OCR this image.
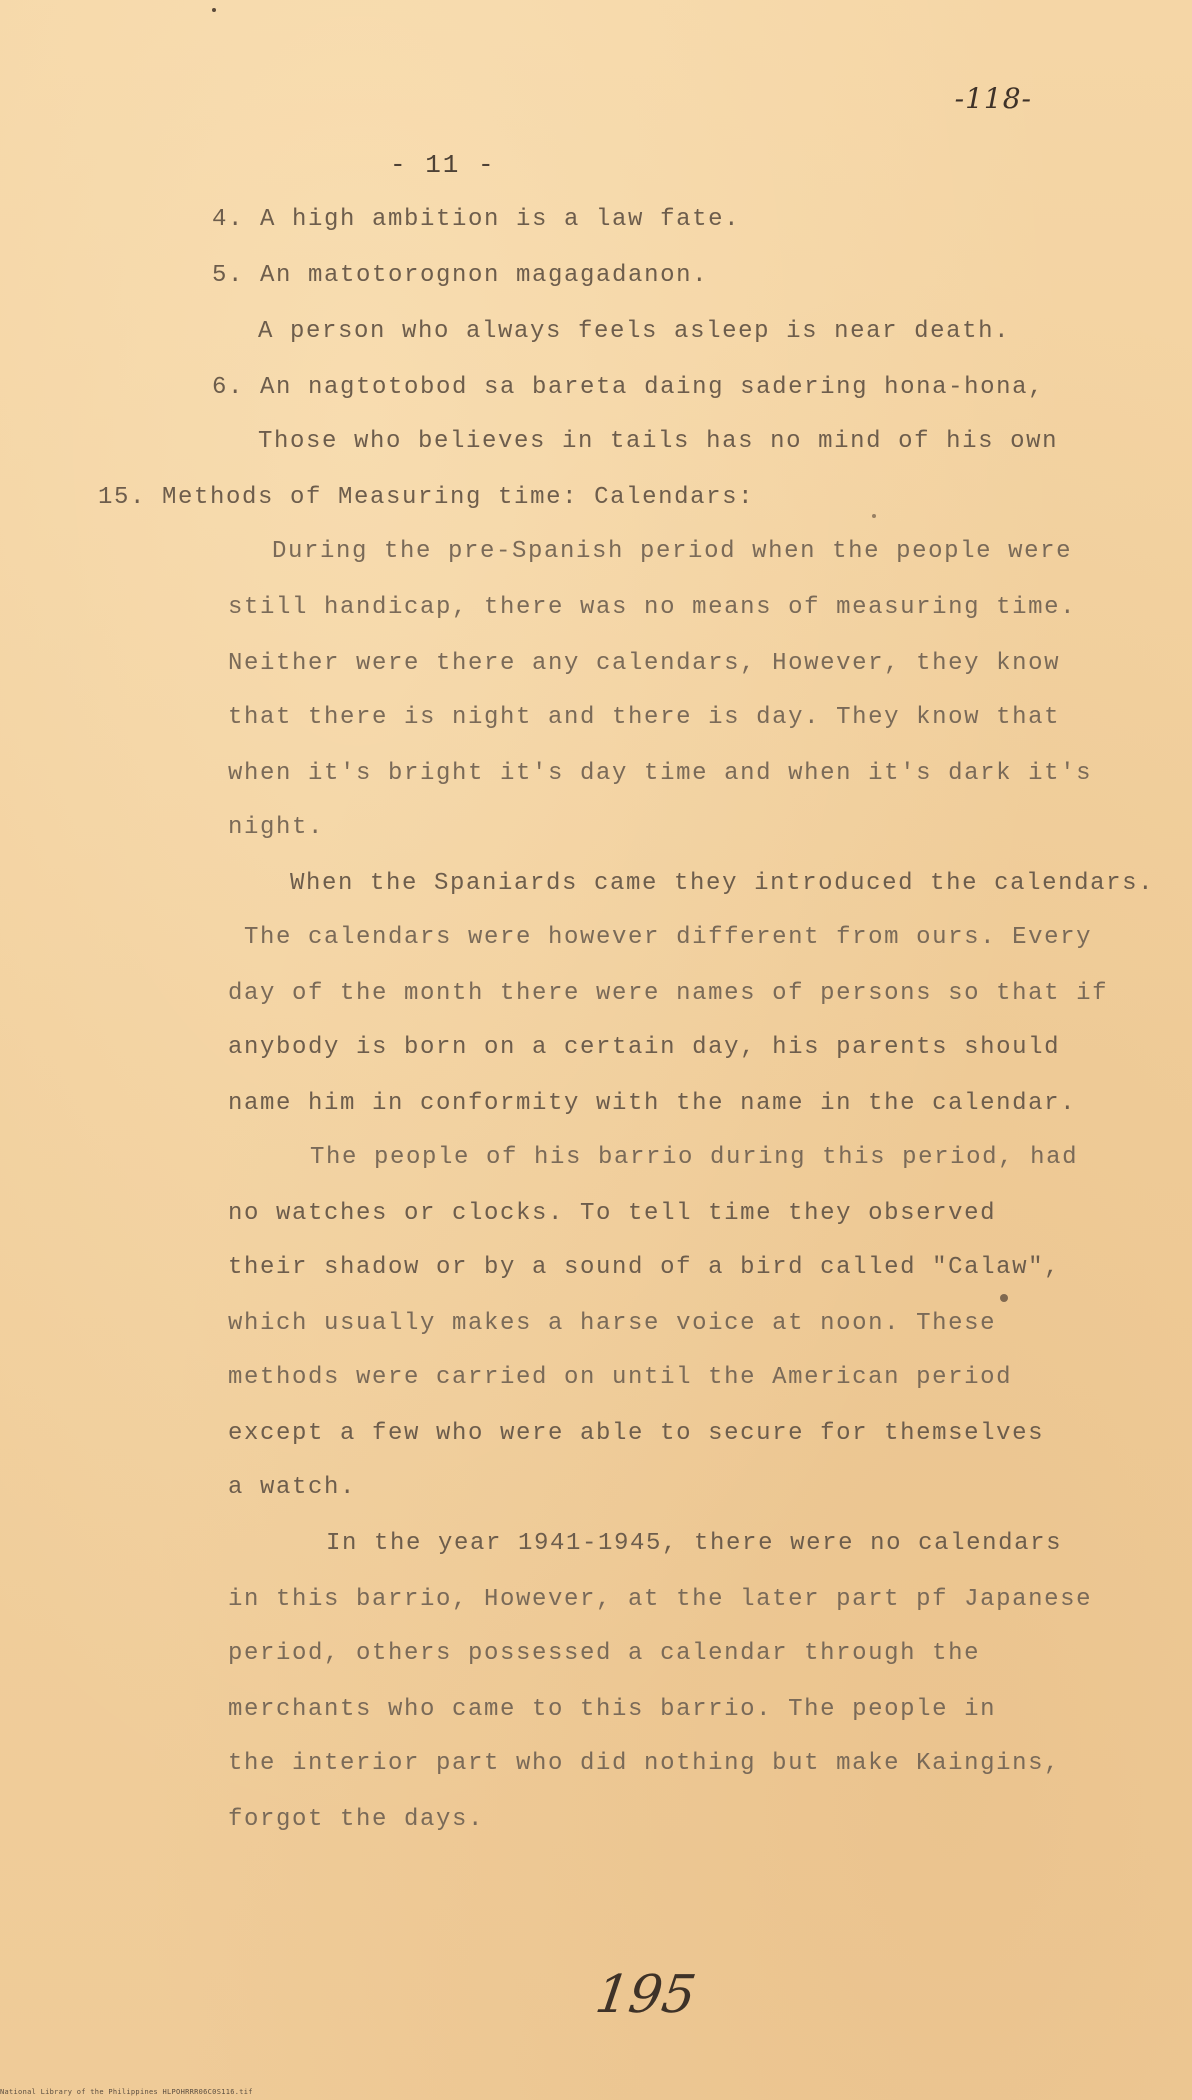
-118-
- 11 -
4. A high ambition is a law fate.
5. An matotorognon magagadanon.
A person who always feels asleep is near death.
6. An nagtotobod sa bareta daing sadering hona-hona,
Those who believes in tails has no mind of his own
15. Methods of Measuring time: Calendars:
During the pre-Spanish period when the people were
still handicap, there was no means of measuring time.
Neither were there any calendars, However, they know
that there is night and there is day. They know that
when it's bright it's day time and when it's dark it's
night.
When the Spaniards came they introduced the calendars.
The calendars were however different from ours. Every
day of the month there were names of persons so that if
anybody is born on a certain day, his parents should
name him in conformity with the name in the calendar.
The people of his barrio during this period, had
no watches or clocks. To tell time they observed
their shadow or by a sound of a bird called "Calaw",
which usually makes a harse voice at noon. These
methods were carried on until the American period
except a few who were able to secure for themselves
a watch.
In the year 1941-1945, there were no calendars
in this barrio, However, at the later part pf Japanese
period, others possessed a calendar through the
merchants who came to this barrio. The people in
the interior part who did nothing but make Kaingins,
forgot the days.
195
National Library of the Philippines HLPOHRRR06C0S116.tif
